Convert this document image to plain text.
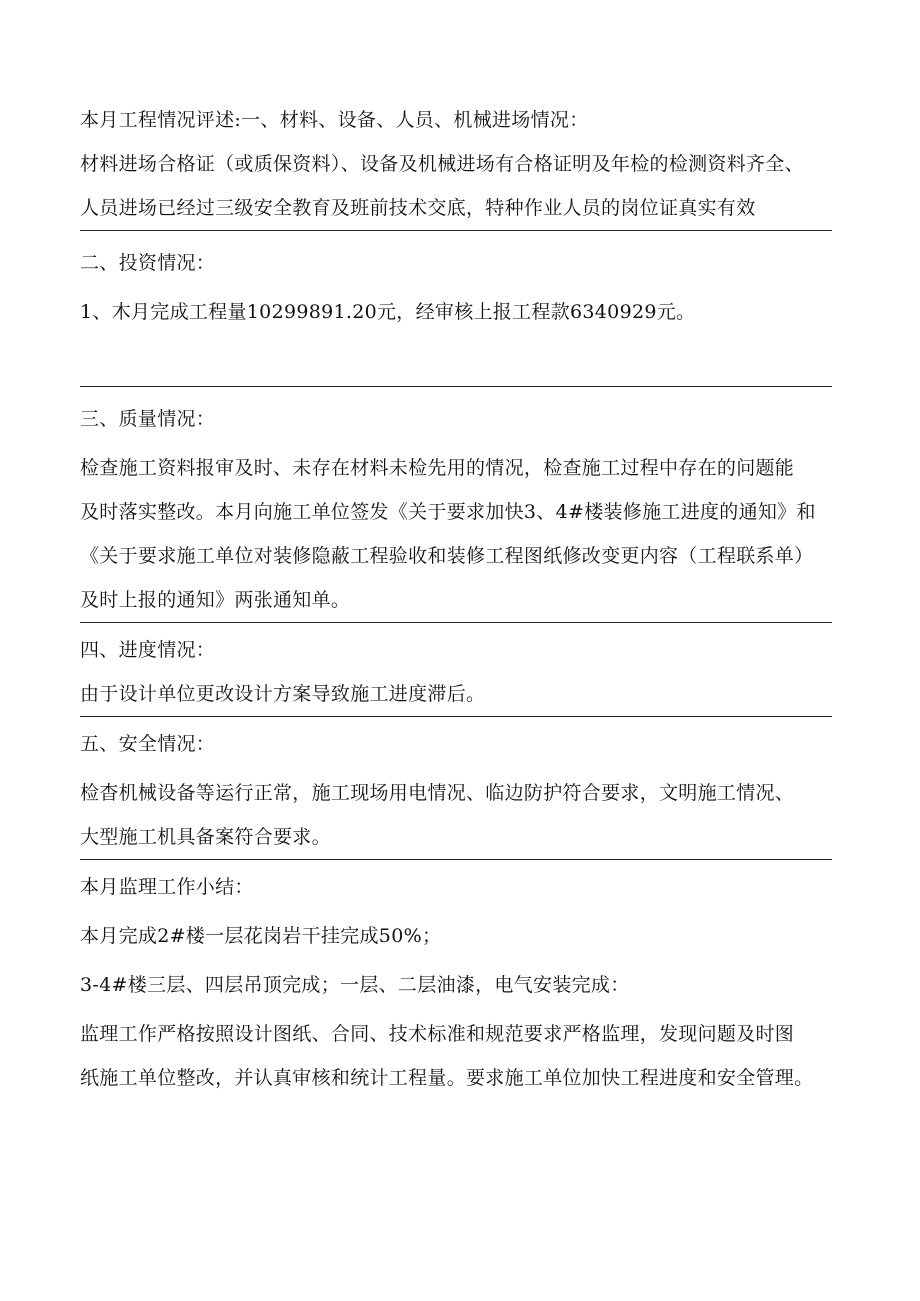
本月工程情况评述:一、材料、设备、人员、机械进场情况：
材料进场合格证（或质保资料）、设备及机械进场有合格证明及年检的检测资料齐全、
人员进场已经过三级安全教育及班前技术交底，特种作业人员的岗位证真实有效
二、投资情况：
1、木月完成工程量10299891.20元，经审核上报工程款6340929元。
三、质量情况：
检查施工资料报审及时、未存在材料未检先用的情况，检查施工过程中存在的问题能
及时落实整改。本月向施工单位签发《关于要求加快3、4#楼装修施工进度的通知》和
《关于要求施工单位对装修隐蔽工程验收和装修工程图纸修改变更内容（工程联系单）
及时上报的通知》两张通知单。
四、进度情况：
由于设计单位更改设计方案导致施工进度滞后。
五、安全情况：
检杳机械设备等运行正常，施工现场用电情况、临边防护符合要求，文明施工情况、
大型施工机具备案符合要求。
本月监理工作小结：
本月完成2#楼一层花岗岩干挂完成50%；
3-4#楼三层、四层吊顶完成；一层、二层油漆，电气安装完成：
监理工作严格按照设计图纸、合同、技术标准和规范要求严格监理，发现问题及时图
纸施工单位整改，并认真审核和统计工程量。要求施工单位加快工程进度和安全管理。
